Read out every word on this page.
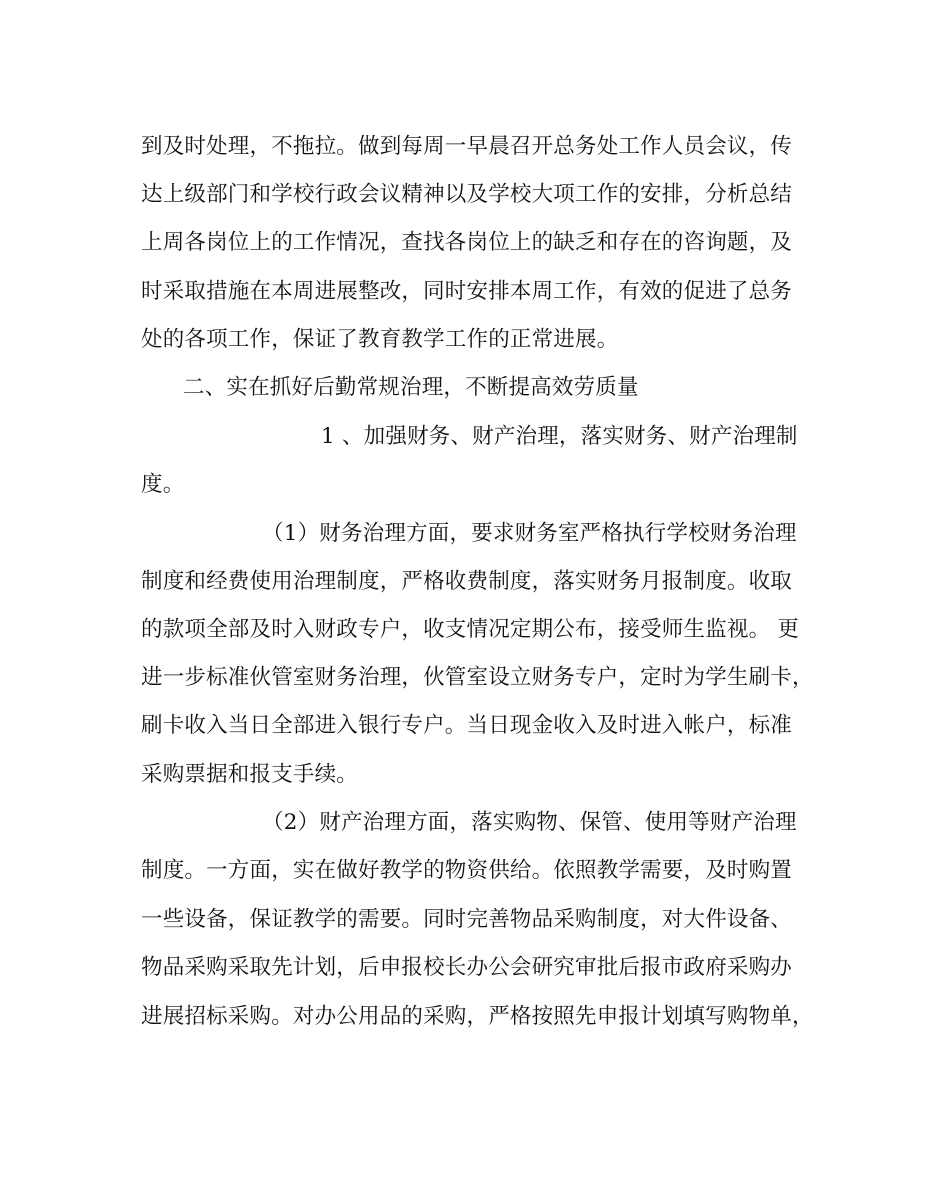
到及时处理，不拖拉。做到每周一早晨召开总务处工作人员会议，传
达上级部门和学校行政会议精神以及学校大项工作的安排，分析总结
上周各岗位上的工作情况，查找各岗位上的缺乏和存在的咨询题，及
时采取措施在本周进展整改，同时安排本周工作，有效的促进了总务
处的各项工作，保证了教育教学工作的正常进展。
二、实在抓好后勤常规治理，不断提高效劳质量
1 、加强财务、财产治理，落实财务、财产治理制
度。
（1）财务治理方面，要求财务室严格执行学校财务治理
制度和经费使用治理制度，严格收费制度，落实财务月报制度。收取
的款项全部及时入财政专户，收支情况定期公布，接受师生监视。 更
进一步标准伙管室财务治理，伙管室设立财务专户，定时为学生刷卡，
刷卡收入当日全部进入银行专户。当日现金收入及时进入帐户，标准
采购票据和报支手续。
（2）财产治理方面，落实购物、保管、使用等财产治理
制度。一方面，实在做好教学的物资供给。依照教学需要，及时购置
一些设备，保证教学的需要。同时完善物品采购制度，对大件设备、
物品采购采取先计划，后申报校长办公会研究审批后报市政府采购办
进展招标采购。对办公用品的采购，严格按照先申报计划填写购物单，
